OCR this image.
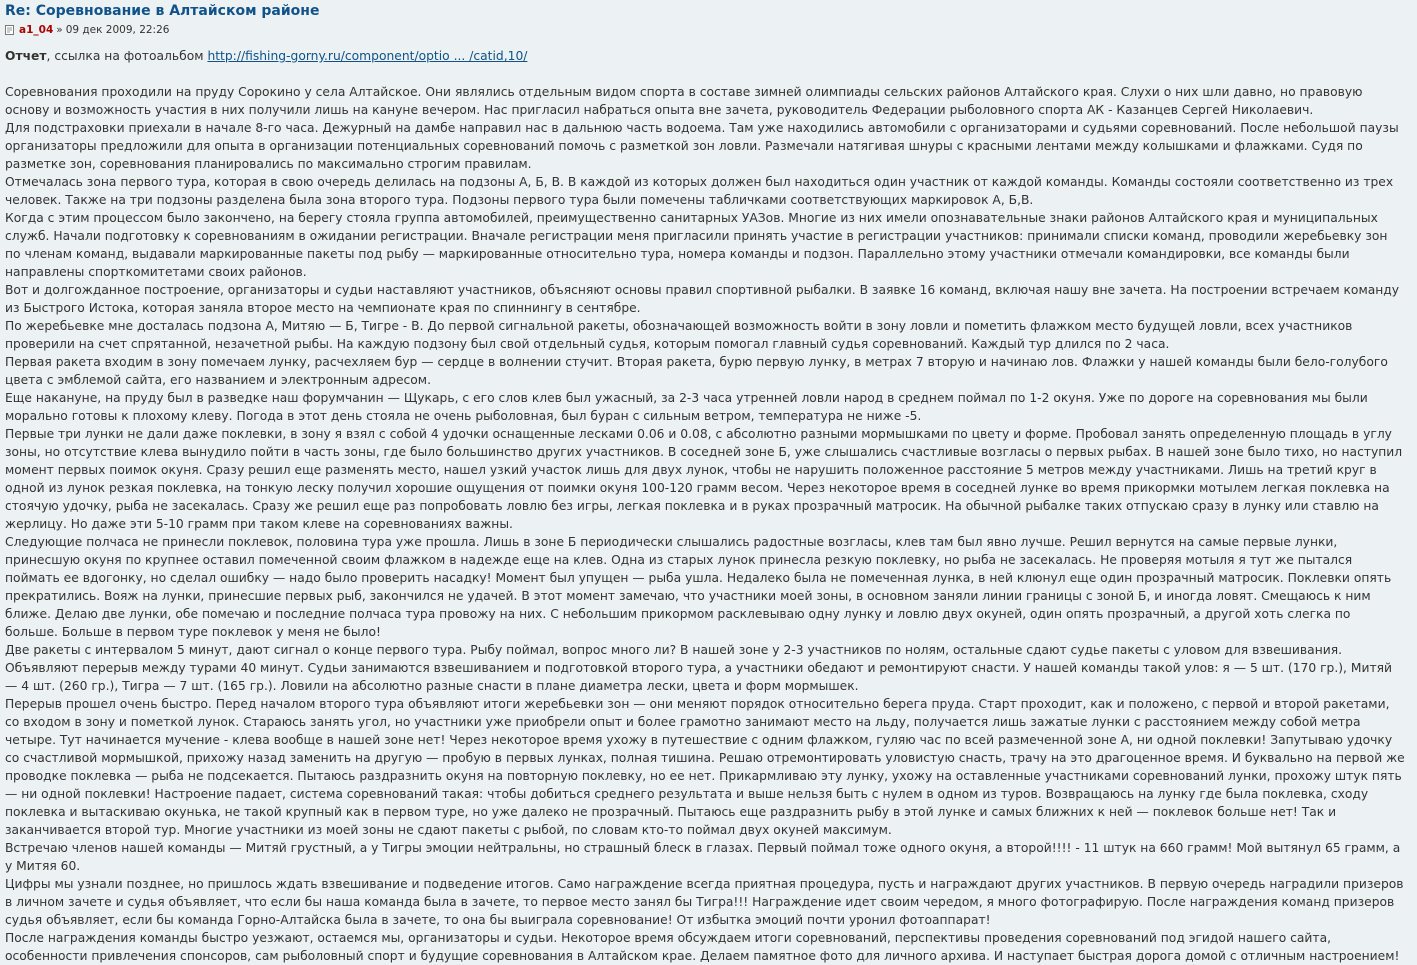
Re: Соревнование в Алтайском районе
a1_04 » 09 дек 2009, 22:26
Отчет, ссылка на фотоальбом http://fishing-gorny.ru/component/optio ... /catid,10/

Соревнования проходили на пруду Сорокино у села Алтайское. Они являлись отдельным видом спорта в составе зимней олимпиады сельских районов Алтайского края. Слухи о них шли давно, но правовую основу и возможность участия в них получили лишь на кануне вечером. Нас пригласил набраться опыта вне зачета, руководитель Федерации рыболовного спорта АК - Казанцев Сергей Николаевич.

Для подстраховки приехали в начале 8-го часа. Дежурный на дамбе направил нас в дальнюю часть водоема. Там уже находились автомобили с организаторами и судьями соревнований. После небольшой паузы организаторы предложили для опыта в организации потенциальных соревнований помочь с разметкой зон ловли. Размечали натягивая шнуры с красными лентами между колышками и флажками. Судя по разметке зон, соревнования планировались по максимально строгим правилам.

Отмечалась зона первого тура, которая в свою очередь делилась на подзоны А, Б, В. В каждой из которых должен был находиться один участник от каждой команды. Команды состояли соответственно из трех человек. Также на три подзоны разделена была зона второго тура. Подзоны первого тура были помечены табличками соответствующих маркировок А, Б,В.

Когда с этим процессом было закончено, на берегу стояла группа автомобилей, преимущественно санитарных УАЗов. Многие из них имели опознавательные знаки районов Алтайского края и муниципальных служб. Начали подготовку к соревнованиям в ожидании регистрации. Вначале регистрации меня пригласили принять участие в регистрации участников: принимали списки команд, проводили жеребьевку зон по членам команд, выдавали маркированные пакеты под рыбу — маркированные относительно тура, номера команды и подзон. Параллельно этому участники отмечали командировки, все команды были направлены спорткомитетами своих районов.

Вот и долгожданное построение, организаторы и судьи наставляют участников, объясняют основы правил спортивной рыбалки. В заявке 16 команд, включая нашу вне зачета. На построении встречаем команду из Быстрого Истока, которая заняла второе место на чемпионате края по спиннингу в сентябре.

По жеребьевке мне досталась подзона А, Митяю — Б, Тигре - В. До первой сигнальной ракеты, обозначающей возможность войти в зону ловли и пометить флажком место будущей ловли, всех участников проверили на счет спрятанной, незачетной рыбы. На каждую подзону был свой отдельный судья, которым помогал главный судья соревнований. Каждый тур длился по 2 часа.

Первая ракета входим в зону помечаем лунку, расчехляем бур — сердце в волнении стучит. Вторая ракета, бурю первую лунку, в метрах 7 вторую и начинаю лов. Флажки у нашей команды были бело-голубого цвета с эмблемой сайта, его названием и электронным адресом.

Еще накануне, на пруду был в разведке наш форумчанин — Щукарь, с его слов клев был ужасный, за 2-3 часа утренней ловли народ в среднем поймал по 1-2 окуня. Уже по дороге на соревнования мы были морально готовы к плохому клеву. Погода в этот день стояла не очень рыболовная, был буран с сильным ветром, температура не ниже -5.

Первые три лунки не дали даже поклевки, в зону я взял с собой 4 удочки оснащенные лесками 0.06 и 0.08, с абсолютно разными мормышками по цвету и форме. Пробовал занять определенную площадь в углу зоны, но отсутствие клева вынудило пойти в часть зоны, где было большинство других участников. В соседней зоне Б, уже слышались счастливые возгласы о первых рыбах. В нашей зоне было тихо, но наступил момент первых поимок окуня. Сразу решил еще разменять место, нашел узкий участок лишь для двух лунок, чтобы не нарушить положенное расстояние 5 метров между участниками. Лишь на третий круг в одной из лунок резкая поклевка, на тонкую леску получил хорошие ощущения от поимки окуня 100-120 грамм весом. Через некоторое время в соседней лунке во время прикормки мотылем легкая поклевка на стоячую удочку, рыба не засекалась. Сразу же решил еще раз попробовать ловлю без игры, легкая поклевка и в руках прозрачный матросик. На обычной рыбалке таких отпускаю сразу в лунку или ставлю на жерлицу. Но даже эти 5-10 грамм при таком клеве на соревнованиях важны.

Следующие полчаса не принесли поклевок, половина тура уже прошла. Лишь в зоне Б периодически слышались радостные возгласы, клев там был явно лучше. Решил вернутся на самые первые лунки, принесшую окуня по крупнее оставил помеченной своим флажком в надежде еще на клев. Одна из старых лунок принесла резкую поклевку, но рыба не засекалась. Не проверяя мотыля я тут же пытался поймать ее вдогонку, но сделал ошибку — надо было проверить насадку! Момент был упущен — рыба ушла. Недалеко была не помеченная лунка, в ней клюнул еще один прозрачный матросик. Поклевки опять прекратились. Вояж на лунки, принесшие первых рыб, закончился не удачей. В этот момент замечаю, что участники моей зоны, в основном заняли линии границы с зоной Б, и иногда ловят. Смещаюсь к ним ближе. Делаю две лунки, обе помечаю и последние полчаса тура провожу на них. С небольшим прикормом расклевываю одну лунку и ловлю двух окуней, один опять прозрачный, а другой хоть слегка по больше. Больше в первом туре поклевок у меня не было!

Две ракеты с интервалом 5 минут, дают сигнал о конце первого тура. Рыбу поймал, вопрос много ли? В нашей зоне у 2-3 участников по нолям, остальные сдают судье пакеты с уловом для взвешивания. Объявляют перерыв между турами 40 минут. Судьи занимаются взвешиванием и подготовкой второго тура, а участники обедают и ремонтируют снасти. У нашей команды такой улов: я — 5 шт. (170 гр.), Митяй — 4 шт. (260 гр.), Тигра — 7 шт. (165 гр.). Ловили на абсолютно разные снасти в плане диаметра лески, цвета и форм мормышек.

Перерыв прошел очень быстро. Перед началом второго тура объявляют итоги жеребьевки зон — они меняют порядок относительно берега пруда. Старт проходит, как и положено, с первой и второй ракетами, со входом в зону и пометкой лунок. Стараюсь занять угол, но участники уже приобрели опыт и более грамотно занимают место на льду, получается лишь зажатые лунки с расстоянием между собой метра четыре. Тут начинается мучение - клева вообще в нашей зоне нет! Через некоторое время ухожу в путешествие с одним флажком, гуляю час по всей размеченной зоне А, ни одной поклевки! Запутываю удочку со счастливой мормышкой, прихожу назад заменить на другую — пробую в первых лунках, полная тишина. Решаю отремонтировать уловистую снасть, трачу на это драгоценное время. И буквально на первой же проводке поклевка — рыба не подсекается. Пытаюсь раздразнить окуня на повторную поклевку, но ее нет. Прикармливаю эту лунку, ухожу на оставленные участниками соревнований лунки, прохожу штук пять — ни одной поклевки! Настроение падает, система соревнований такая: чтобы добиться среднего результата и выше нельзя быть с нулем в одном из туров. Возвращаюсь на лунку где была поклевка, сходу поклевка и вытаскиваю окунька, не такой крупный как в первом туре, но уже далеко не прозрачный. Пытаюсь еще раздразнить рыбу в этой лунке и самых ближних к ней — поклевок больше нет! Так и заканчивается второй тур. Многие участники из моей зоны не сдают пакеты с рыбой, по словам кто-то поймал двух окуней максимум.

Встречаю членов нашей команды — Митяй грустный, а у Тигры эмоции нейтральны, но страшный блеск в глазах. Первый поймал тоже одного окуня, а второй!!!! - 11 штук на 660 грамм! Мой вытянул 65 грамм, а у Митяя 60.

Цифры мы узнали позднее, но пришлось ждать взвешивание и подведение итогов. Само награждение всегда приятная процедура, пусть и награждают других участников. В первую очередь наградили призеров в личном зачете и судья объявляет, что если бы наша команда была в зачете, то первое место занял бы Тигра!!! Награждение идет своим чередом, я много фотографирую. После награждения команд призеров судья объявляет, если бы команда Горно-Алтайска была в зачете, то она бы выиграла соревнование! От избытка эмоций почти уронил фотоаппарат!

После награждения команды быстро уезжают, остаемся мы, организаторы и судьи. Некоторое время обсуждаем итоги соревнований, перспективы проведения соревнований под эгидой нашего сайта, особенности привлечения спонсоров, сам рыболовный спорт и будущие соревнования в Алтайском крае. Делаем памятное фото для личного архива. И наступает быстрая дорога домой с отличным настроением!
